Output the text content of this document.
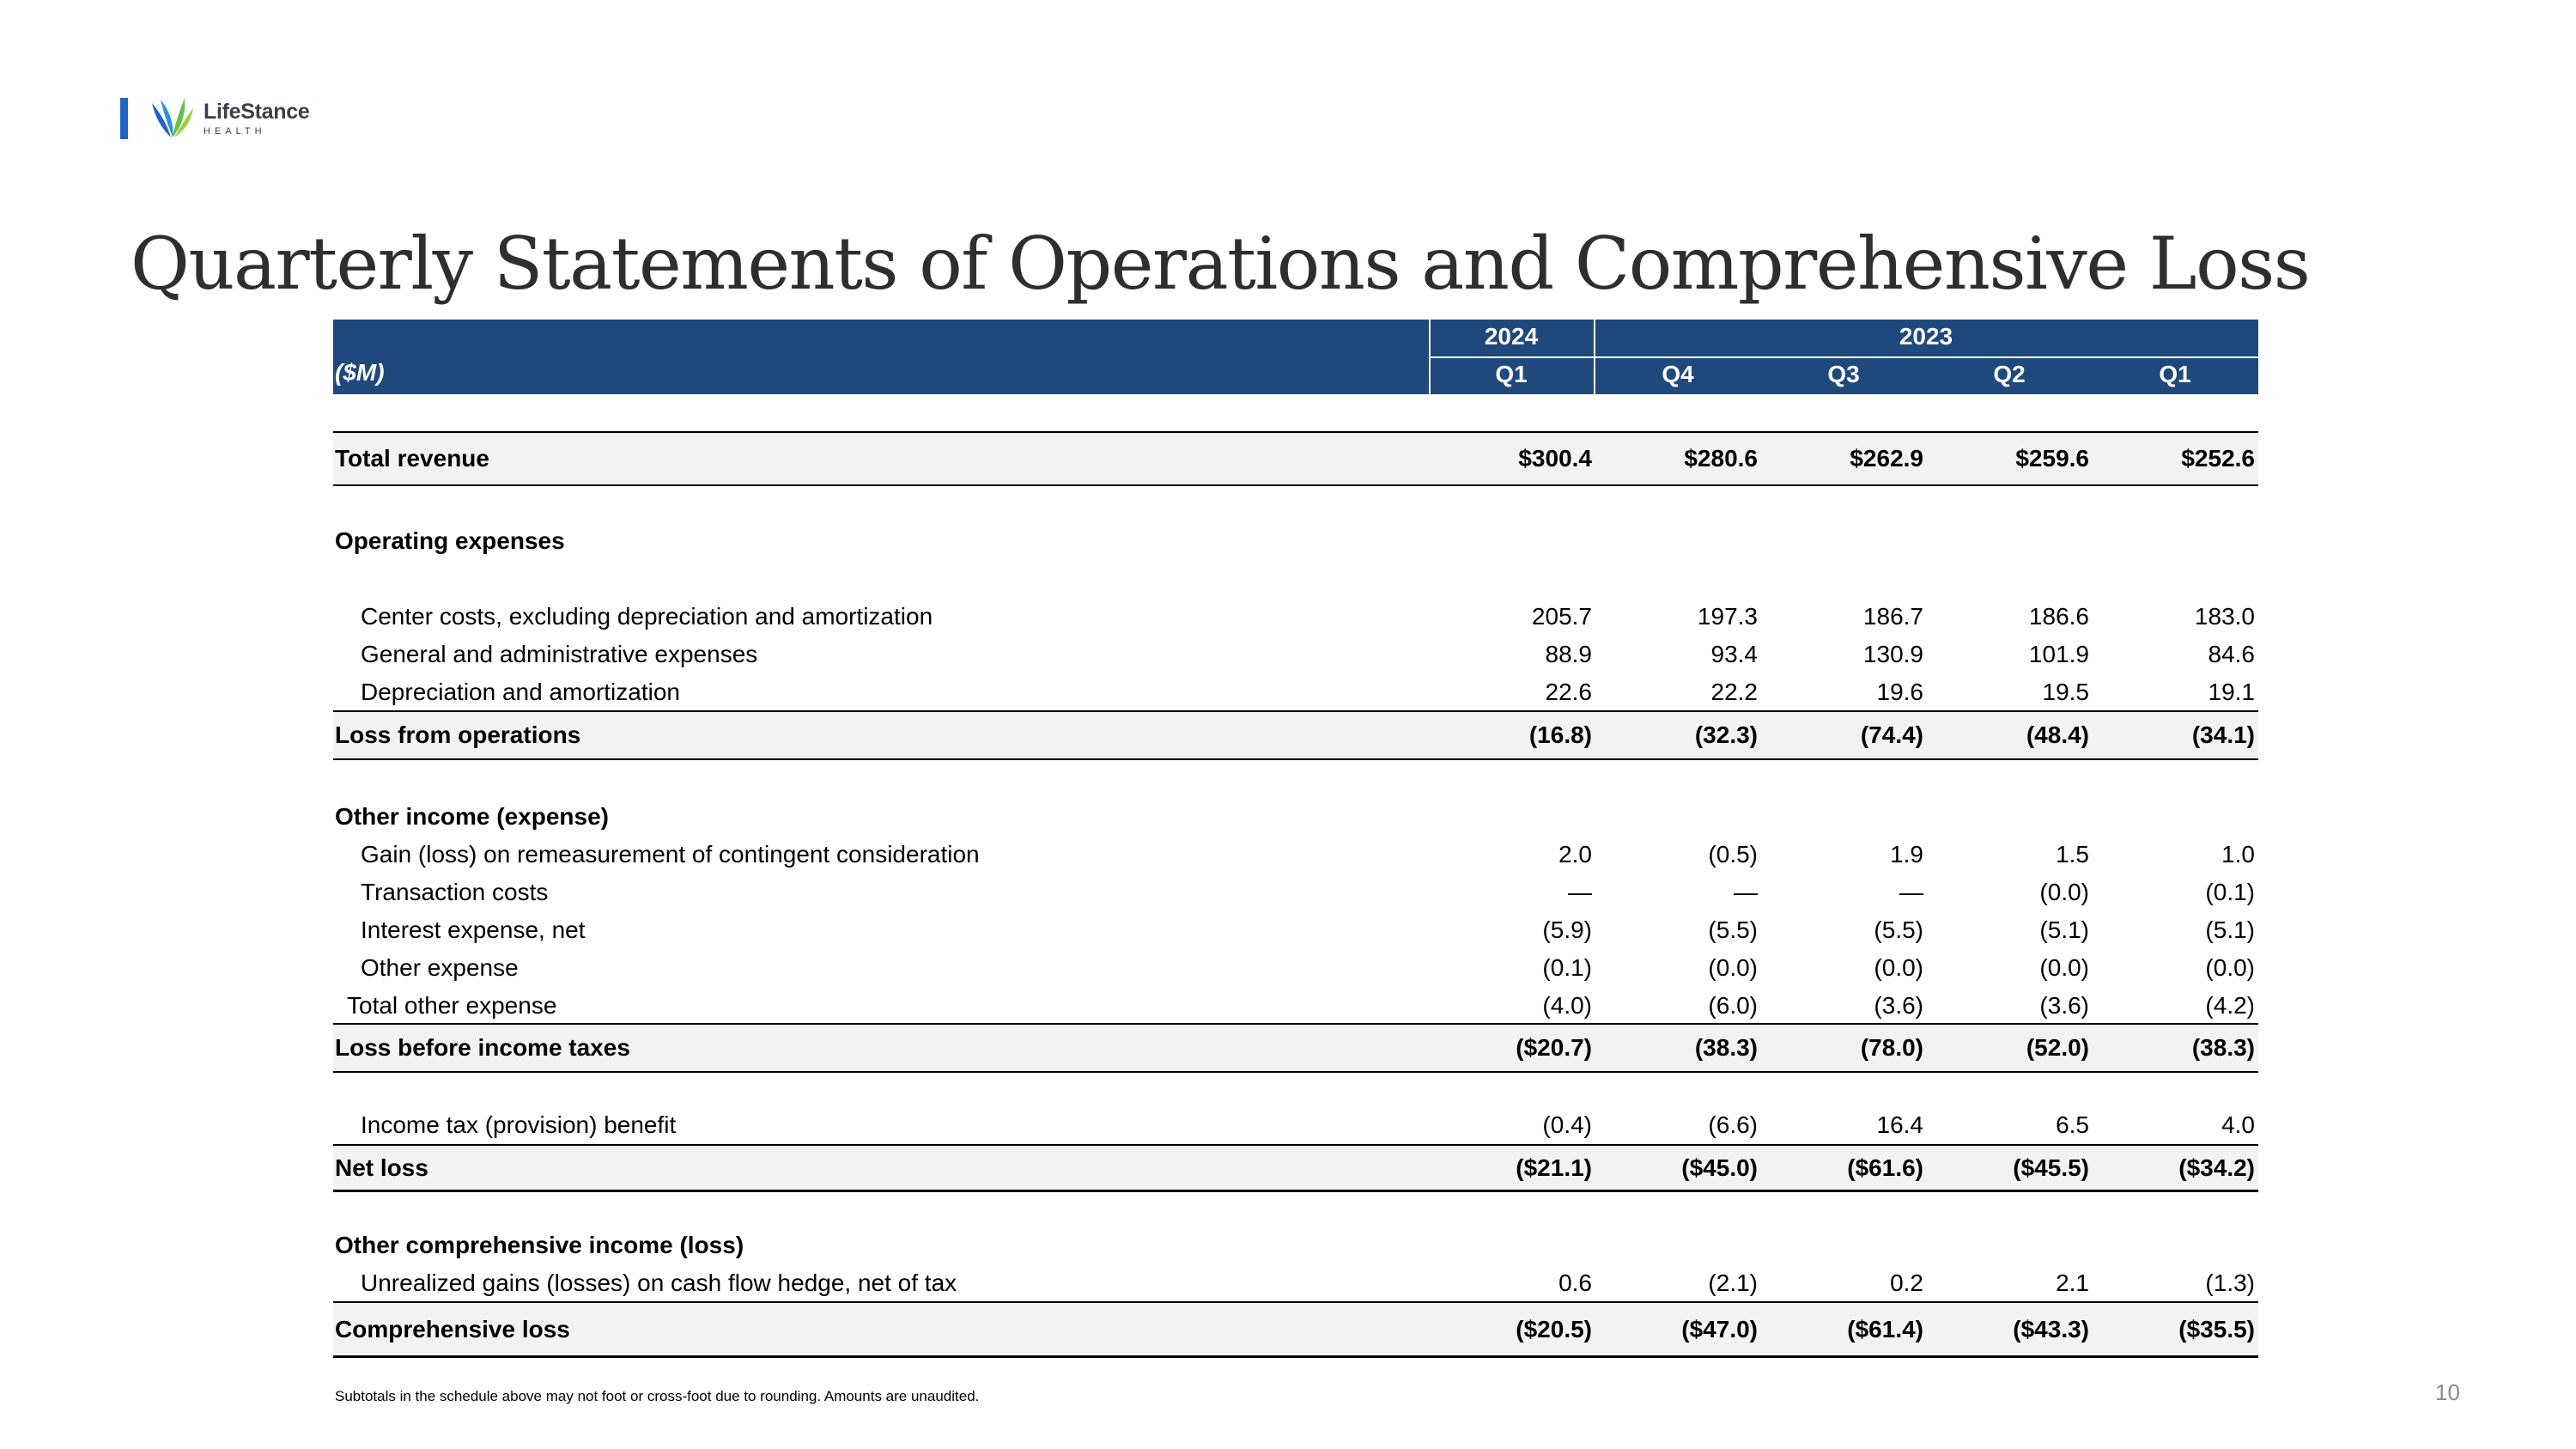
LifeStance
HEALTH
Quarterly Statements of Operations and Comprehensive Loss
($M)
2024	2023
Q1	Q4	Q3	Q2	Q1
Total revenue	$300.4	$280.6	$262.9	$259.6	$252.6
Operating expenses
Center costs, excluding depreciation and amortization	205.7	197.3	186.7	186.6	183.0
General and administrative expenses	88.9	93.4	130.9	101.9	84.6
Depreciation and amortization	22.6	22.2	19.6	19.5	19.1
Loss from operations	(16.8)	(32.3)	(74.4)	(48.4)	(34.1)
Other income (expense)
Gain (loss) on remeasurement of contingent consideration	2.0	(0.5)	1.9	1.5	1.0
Transaction costs	—	—	—	(0.0)	(0.1)
Interest expense, net	(5.9)	(5.5)	(5.5)	(5.1)	(5.1)
Other expense	(0.1)	(0.0)	(0.0)	(0.0)	(0.0)
Total other expense	(4.0)	(6.0)	(3.6)	(3.6)	(4.2)
Loss before income taxes	($20.7)	(38.3)	(78.0)	(52.0)	(38.3)
Income tax (provision) benefit	(0.4)	(6.6)	16.4	6.5	4.0
Net loss	($21.1)	($45.0)	($61.6)	($45.5)	($34.2)
Other comprehensive income (loss)
Unrealized gains (losses) on cash flow hedge, net of tax	0.6	(2.1)	0.2	2.1	(1.3)
Comprehensive loss	($20.5)	($47.0)	($61.4)	($43.3)	($35.5)
Subtotals in the schedule above may not foot or cross-foot due to rounding. Amounts are unaudited.	10
